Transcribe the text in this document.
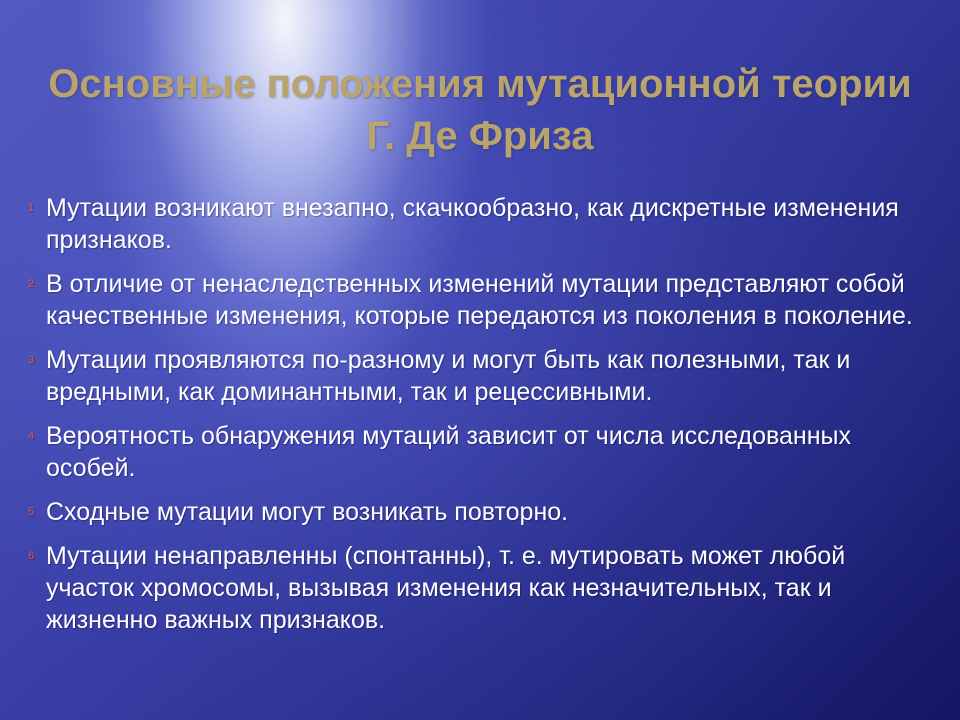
Основные положения мутационной теории Г. Де Фриза
1 Мутации возникают внезапно, скачкообразно, как дискретные изменения признаков.
2 В отличие от ненаследственных изменений мутации представляют собой качественные изменения, которые передаются из поколения в поколение.
3 Мутации проявляются по-разному и могут быть как полезными, так и вредными, как доминантными, так и рецессивными.
4 Вероятность обнаружения мутаций зависит от числа исследованных особей.
5 Сходные мутации могут возникать повторно.
6 Мутации ненаправленны (спонтанны), т. е. мутировать может любой участок хромосомы, вызывая изменения как незначительных, так и жизненно важных признаков.
